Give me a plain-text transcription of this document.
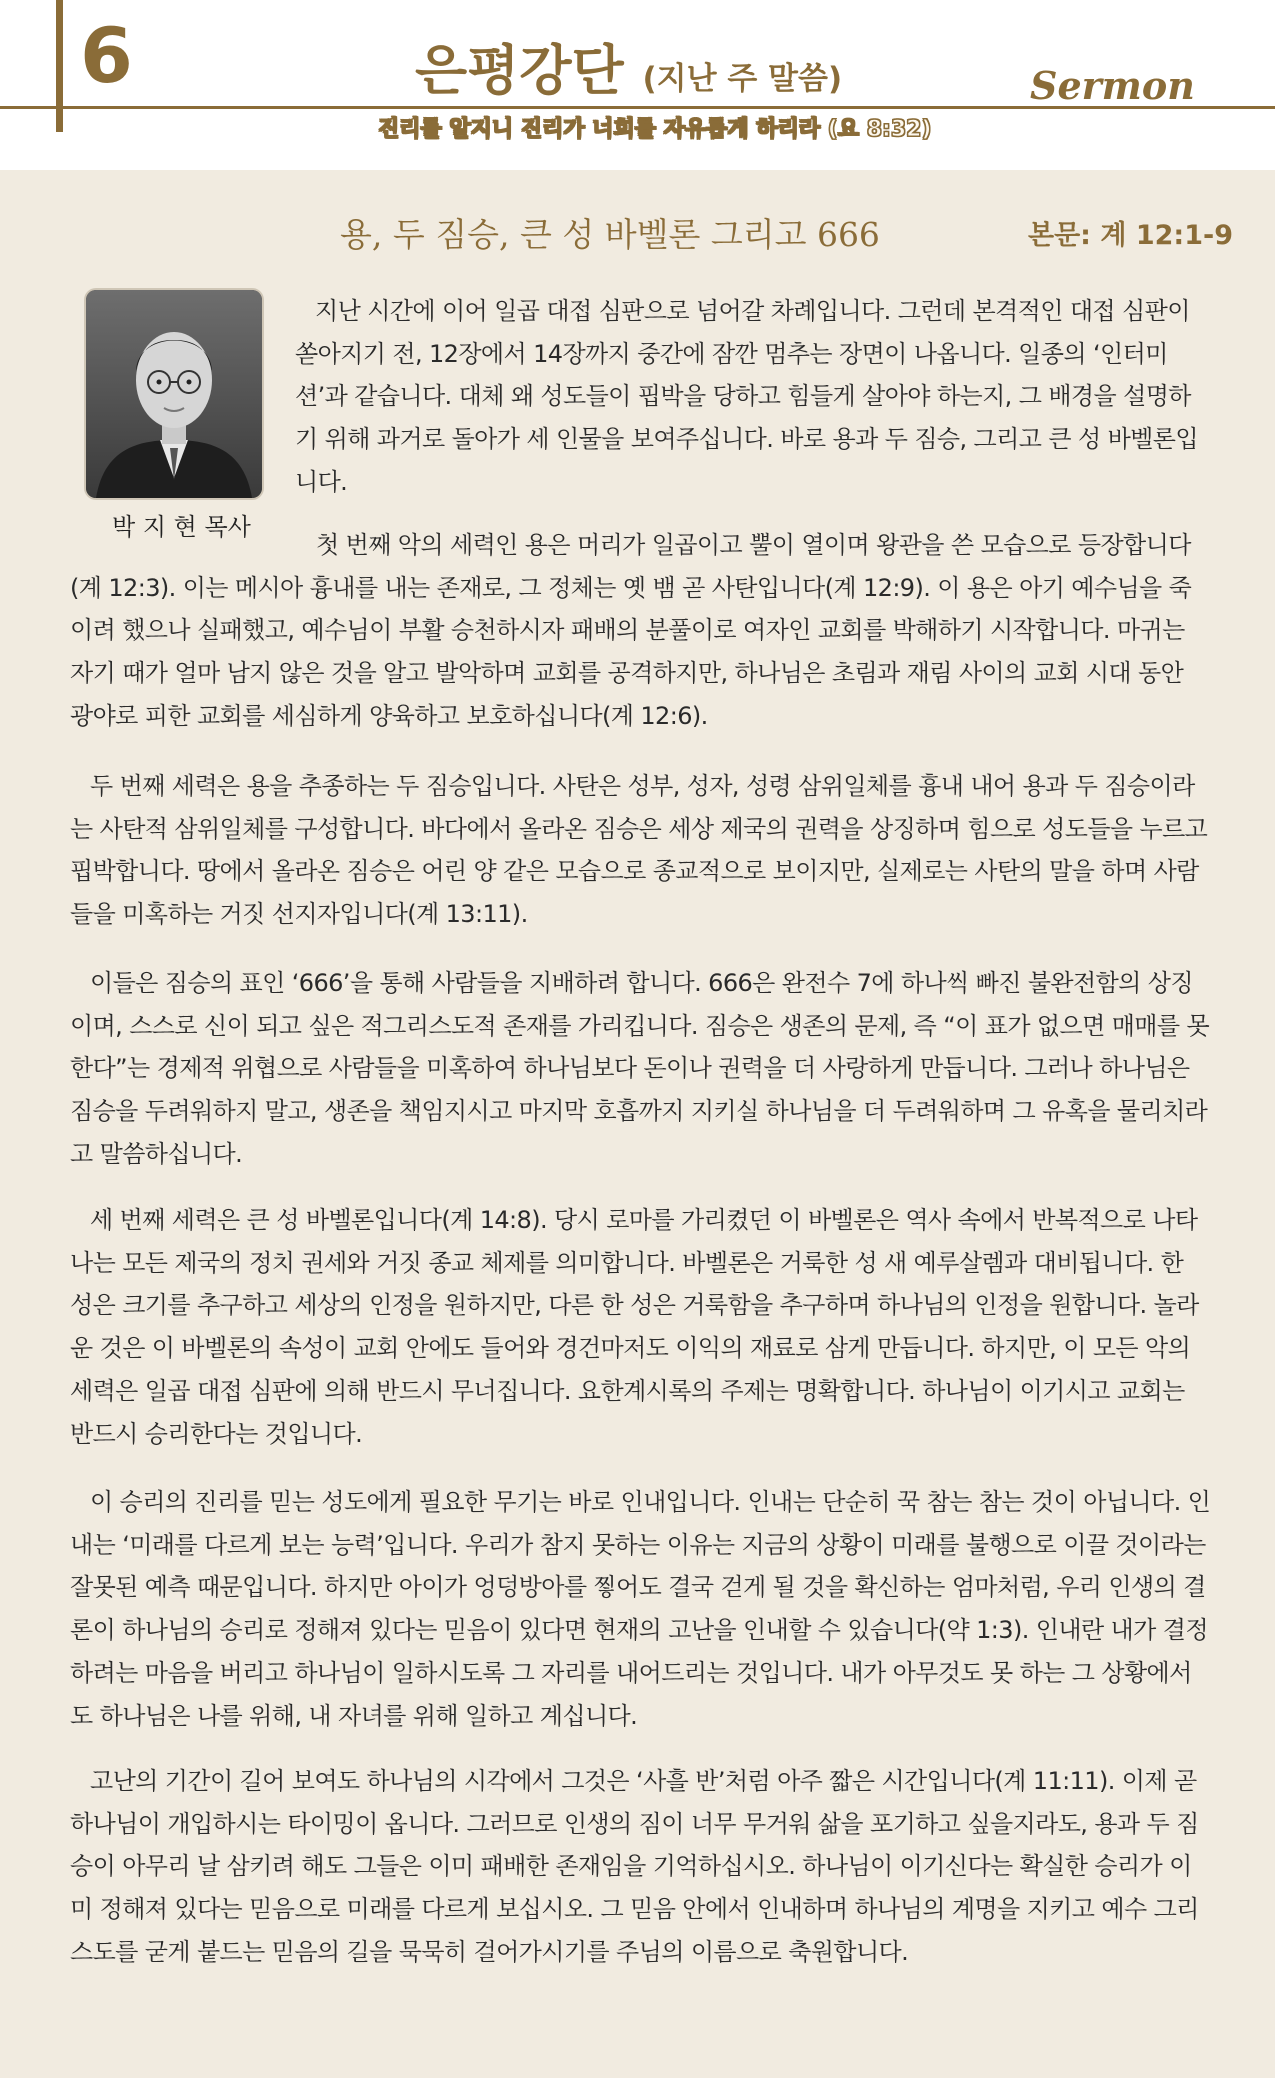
6	은평강단 (지난 주 말씀)	Sermon
진리를 알지니 진리가 너희를 자유롭게 하리라 (요 8:32)
용, 두 짐승, 큰 성 바벨론 그리고 666	본문: 계 12:1-9
박 지 현 목사

지난 시간에 이어 일곱 대접 심판으로 넘어갈 차례입니다. 그런데 본격적인 대접 심판이 쏟아지기 전, 12장에서 14장까지 중간에 잠깐 멈추는 장면이 나옵니다. 일종의 ‘인터미션’과 같습니다. 대체 왜 성도들이 핍박을 당하고 힘들게 살아야 하는지, 그 배경을 설명하기 위해 과거로 돌아가 세 인물을 보여주십니다. 바로 용과 두 짐승, 그리고 큰 성 바벨론입니다.

첫 번째 악의 세력인 용은 머리가 일곱이고 뿔이 열이며 왕관을 쓴 모습으로 등장합니다(계 12:3). 이는 메시아 흉내를 내는 존재로, 그 정체는 옛 뱀 곧 사탄입니다(계 12:9). 이 용은 아기 예수님을 죽이려 했으나 실패했고, 예수님이 부활 승천하시자 패배의 분풀이로 여자인 교회를 박해하기 시작합니다. 마귀는 자기 때가 얼마 남지 않은 것을 알고 발악하며 교회를 공격하지만, 하나님은 초림과 재림 사이의 교회 시대 동안 광야로 피한 교회를 세심하게 양육하고 보호하십니다(계 12:6).

두 번째 세력은 용을 추종하는 두 짐승입니다. 사탄은 성부, 성자, 성령 삼위일체를 흉내 내어 용과 두 짐승이라는 사탄적 삼위일체를 구성합니다. 바다에서 올라온 짐승은 세상 제국의 권력을 상징하며 힘으로 성도들을 누르고 핍박합니다. 땅에서 올라온 짐승은 어린 양 같은 모습으로 종교적으로 보이지만, 실제로는 사탄의 말을 하며 사람들을 미혹하는 거짓 선지자입니다(계 13:11).

이들은 짐승의 표인 ‘666’을 통해 사람들을 지배하려 합니다. 666은 완전수 7에 하나씩 빠진 불완전함의 상징이며, 스스로 신이 되고 싶은 적그리스도적 존재를 가리킵니다. 짐승은 생존의 문제, 즉 “이 표가 없으면 매매를 못 한다”는 경제적 위협으로 사람들을 미혹하여 하나님보다 돈이나 권력을 더 사랑하게 만듭니다. 그러나 하나님은 짐승을 두려워하지 말고, 생존을 책임지시고 마지막 호흡까지 지키실 하나님을 더 두려워하며 그 유혹을 물리치라고 말씀하십니다.

세 번째 세력은 큰 성 바벨론입니다(계 14:8). 당시 로마를 가리켰던 이 바벨론은 역사 속에서 반복적으로 나타나는 모든 제국의 정치 권세와 거짓 종교 체제를 의미합니다. 바벨론은 거룩한 성 새 예루살렘과 대비됩니다. 한 성은 크기를 추구하고 세상의 인정을 원하지만, 다른 한 성은 거룩함을 추구하며 하나님의 인정을 원합니다. 놀라운 것은 이 바벨론의 속성이 교회 안에도 들어와 경건마저도 이익의 재료로 삼게 만듭니다. 하지만, 이 모든 악의 세력은 일곱 대접 심판에 의해 반드시 무너집니다. 요한계시록의 주제는 명확합니다. 하나님이 이기시고 교회는 반드시 승리한다는 것입니다.

이 승리의 진리를 믿는 성도에게 필요한 무기는 바로 인내입니다. 인내는 단순히 꾹 참는 참는 것이 아닙니다. 인내는 ‘미래를 다르게 보는 능력’입니다. 우리가 참지 못하는 이유는 지금의 상황이 미래를 불행으로 이끌 것이라는 잘못된 예측 때문입니다. 하지만 아이가 엉덩방아를 찧어도 결국 걷게 될 것을 확신하는 엄마처럼, 우리 인생의 결론이 하나님의 승리로 정해져 있다는 믿음이 있다면 현재의 고난을 인내할 수 있습니다(약 1:3). 인내란 내가 결정하려는 마음을 버리고 하나님이 일하시도록 그 자리를 내어드리는 것입니다. 내가 아무것도 못 하는 그 상황에서도 하나님은 나를 위해, 내 자녀를 위해 일하고 계십니다.

고난의 기간이 길어 보여도 하나님의 시각에서 그것은 ‘사흘 반’처럼 아주 짧은 시간입니다(계 11:11). 이제 곧 하나님이 개입하시는 타이밍이 옵니다. 그러므로 인생의 짐이 너무 무거워 삶을 포기하고 싶을지라도, 용과 두 짐승이 아무리 날 삼키려 해도 그들은 이미 패배한 존재임을 기억하십시오. 하나님이 이기신다는 확실한 승리가 이미 정해져 있다는 믿음으로 미래를 다르게 보십시오. 그 믿음 안에서 인내하며 하나님의 계명을 지키고 예수 그리스도를 굳게 붙드는 믿음의 길을 묵묵히 걸어가시기를 주님의 이름으로 축원합니다.
